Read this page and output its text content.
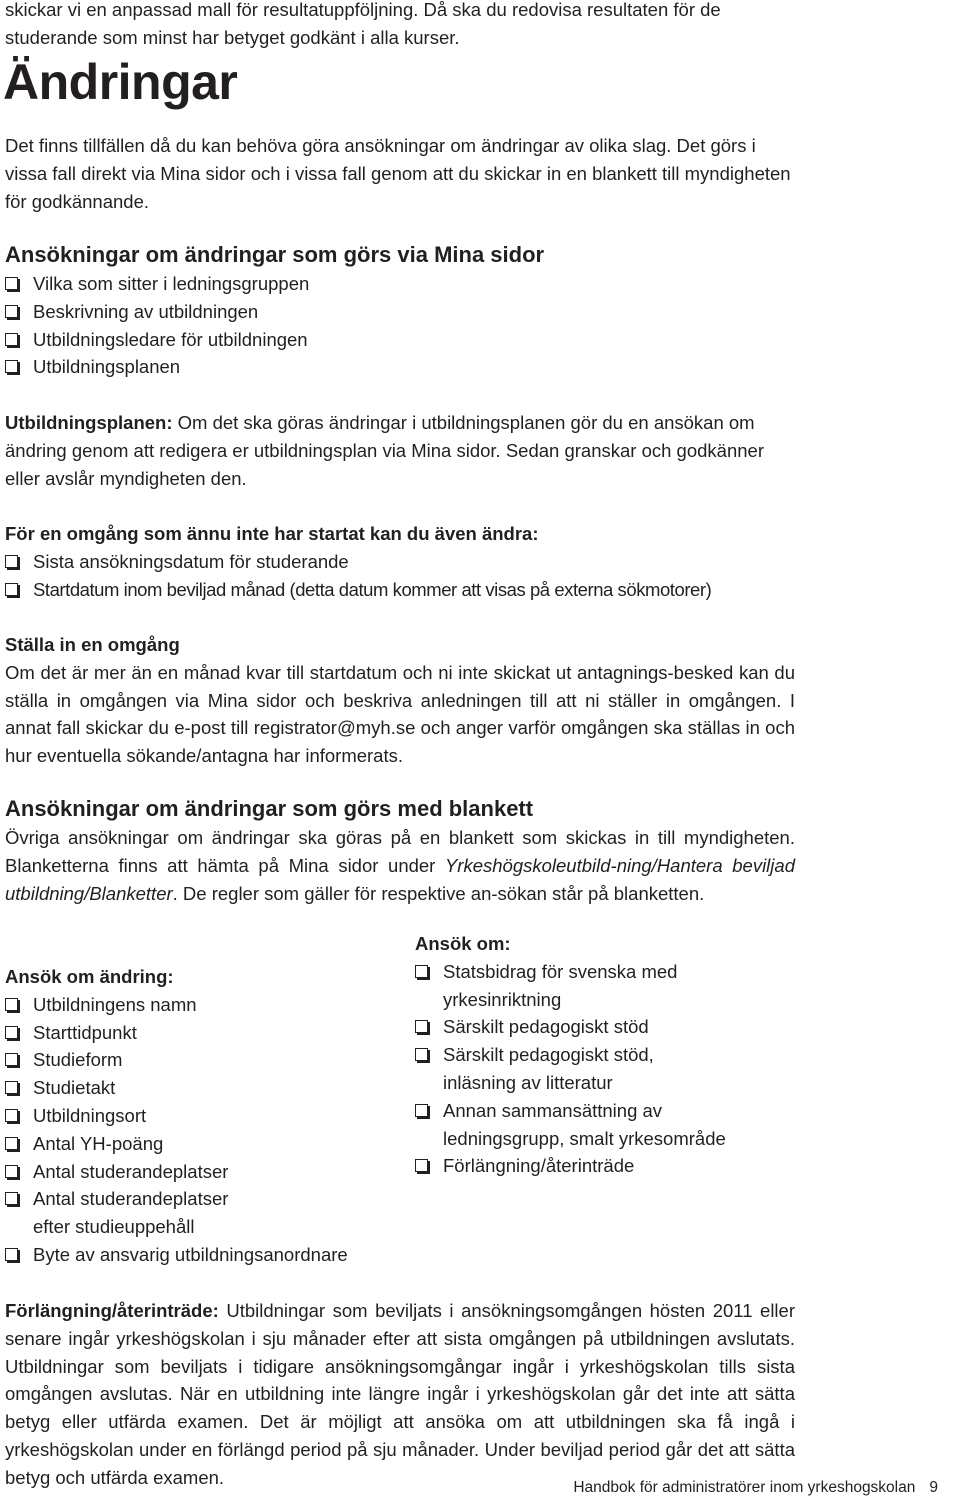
skickar vi en anpassad mall för resultatuppföljning. Då ska du redovisa resultaten för de studerande som minst har betyget godkänt i alla kurser.

Ändringar

Det finns tillfällen då du kan behöva göra ansökningar om ändringar av olika slag. Det görs i vissa fall direkt via Mina sidor och i vissa fall genom att du skickar in en blankett till myndigheten för godkännande.

Ansökningar om ändringar som görs via Mina sidor

Vilka som sitter i ledningsgruppen
Beskrivning av utbildningen
Utbildningsledare för utbildningen
Utbildningsplanen

Utbildningsplanen: Om det ska göras ändringar i utbildningsplanen gör du en ansökan om ändring genom att redigera er utbildningsplan via Mina sidor. Sedan granskar och godkänner eller avslår myndigheten den.

För en omgång som ännu inte har startat kan du även ändra:

Sista ansökningsdatum för studerande
Startdatum inom beviljad månad (detta datum kommer att visas på externa sökmotorer)

Ställa in en omgång

Om det är mer än en månad kvar till startdatum och ni inte skickat ut antagnings-besked kan du ställa in omgången via Mina sidor och beskriva anledningen till att ni ställer in omgången. I annat fall skickar du e-post till registrator@myh.se och anger varför omgången ska ställas in och hur eventuella sökande/antagna har informerats.

Ansökningar om ändringar som görs med blankett

Övriga ansökningar om ändringar ska göras på en blankett som skickas in till myndigheten. Blanketterna finns att hämta på Mina sidor under Yrkeshögskoleutbild-ning/Hantera beviljad utbildning/Blanketter. De regler som gäller för respektive an-sökan står på blanketten.

Ansök om ändring:

Utbildningens namn
Starttidpunkt
Studieform
Studietakt
Utbildningsort
Antal YH-poäng
Antal studerandeplatser
Antal studerandeplatser efter studieuppehåll
Byte av ansvarig utbildningsanordnare

Ansök om:

Statsbidrag för svenska med yrkesinriktning
Särskilt pedagogiskt stöd
Särskilt pedagogiskt stöd, inläsning av litteratur
Annan sammansättning av ledningsgrupp, smalt yrkesområde
Förlängning/återinträde

Förlängning/återinträde: Utbildningar som beviljats i ansökningsomgången hösten 2011 eller senare ingår yrkeshögskolan i sju månader efter att sista omgången på utbildningen avslutats. Utbildningar som beviljats i tidigare ansökningsomgångar ingår i yrkeshögskolan tills sista omgången avslutas. När en utbildning inte längre ingår i yrkeshögskolan går det inte att sätta betyg eller utfärda examen. Det är möjligt att ansöka om att utbildningen ska få ingå i yrkeshögskolan under en förlängd period på sju månader. Under beviljad period går det att sätta betyg och utfärda examen.	Handbok för administratörer inom yrkeshogskolan 9
